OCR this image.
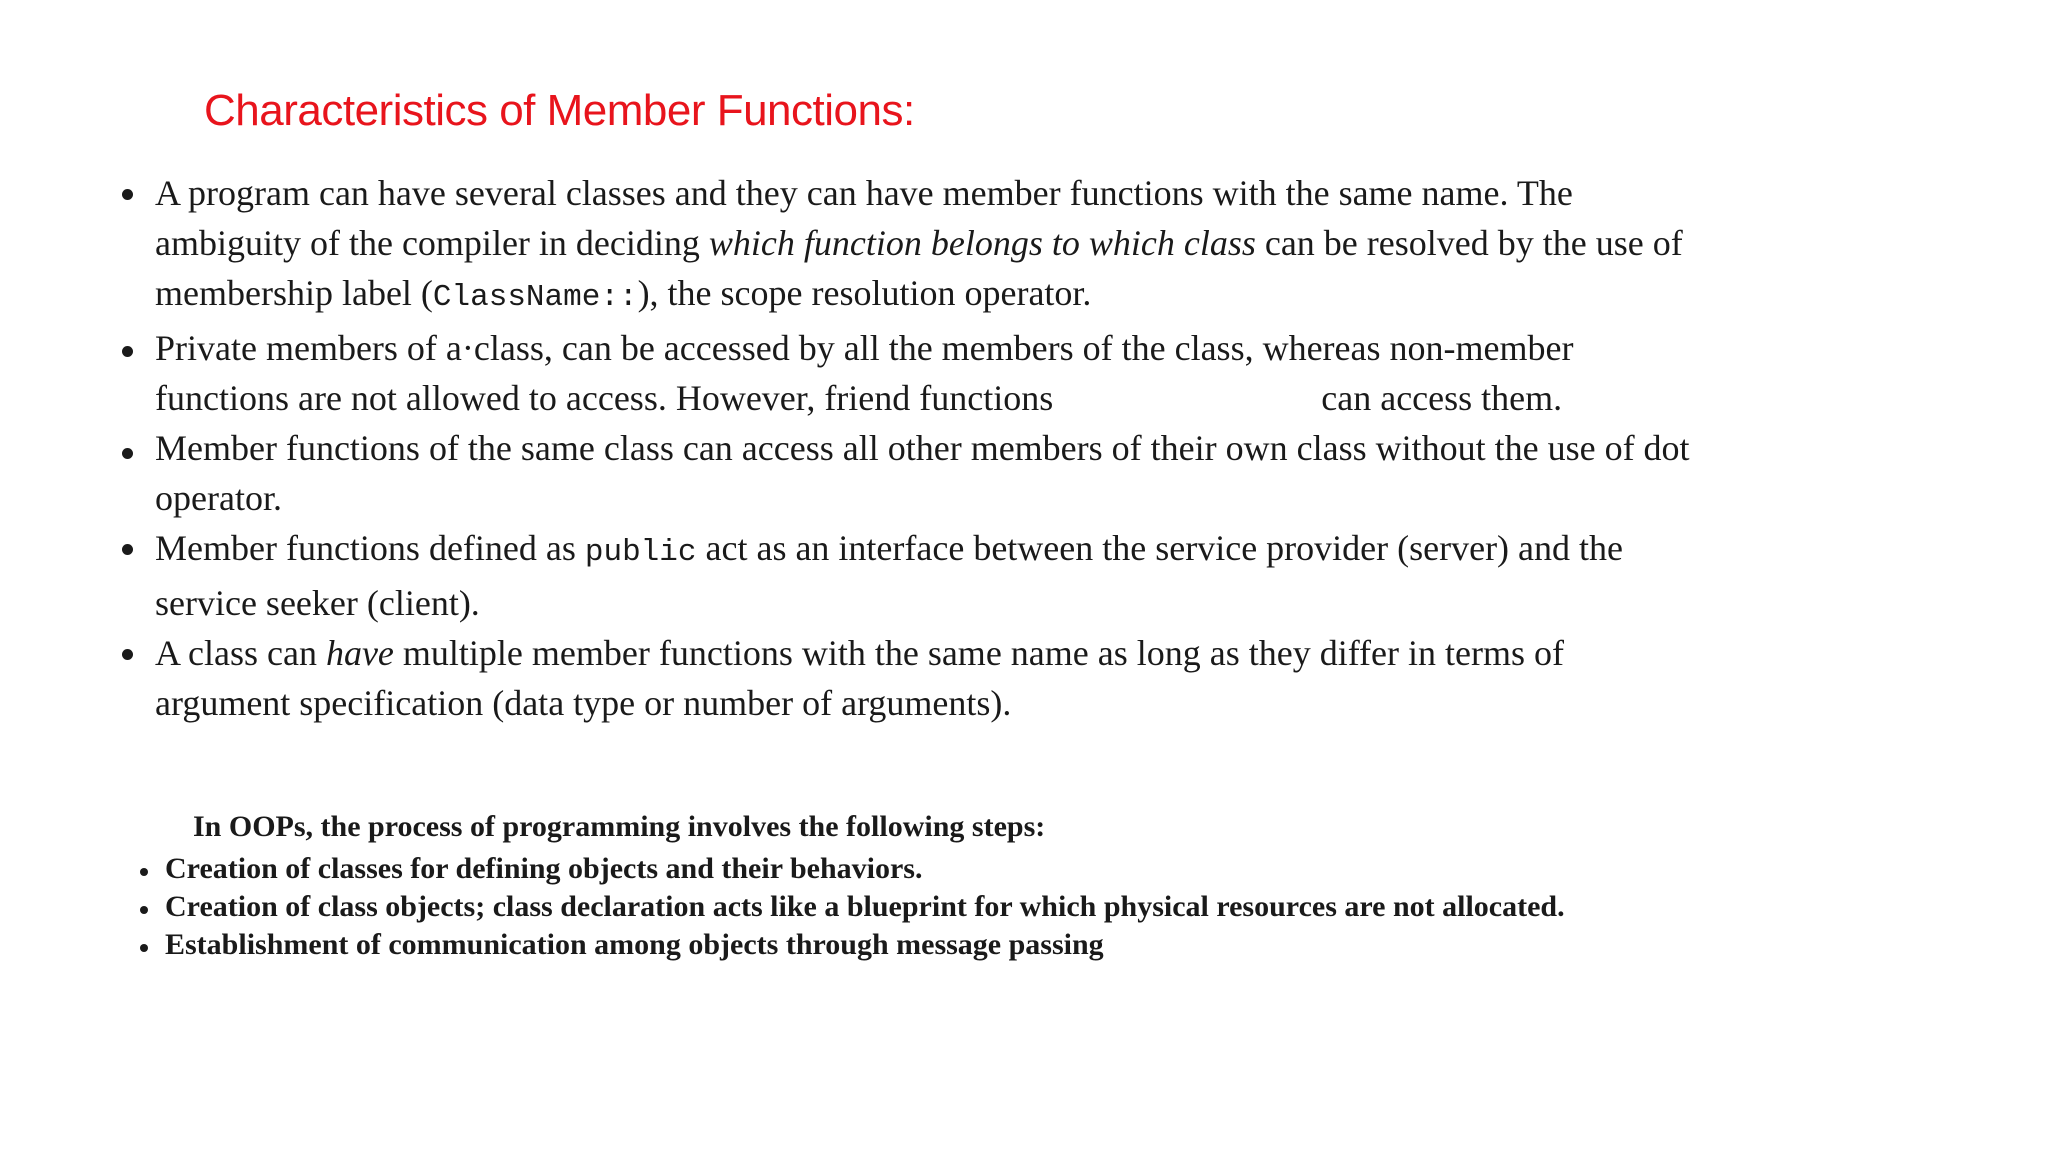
Characteristics of Member Functions:
A program can have several classes and they can have member functions with the same name. The ambiguity of the compiler in deciding which function belongs to which class can be resolved by the use of membership label (ClassName::), the scope resolution operator.
Private members of a·class, can be accessed by all the members of the class, whereas non-member functions are not allowed to access. However, friend functions	can access them.
Member functions of the same class can access all other members of their own class without the use of dot operator.
Member functions defined as public act as an interface between the service provider (server) and the service seeker (client).
A class can have multiple member functions with the same name as long as they differ in terms of argument specification (data type or number of arguments).

In OOPs, the process of programming involves the following steps:

Creation of classes for defining objects and their behaviors.
Creation of class objects; class declaration acts like a blueprint for which physical resources are not allocated.
Establishment of communication among objects through message passing
